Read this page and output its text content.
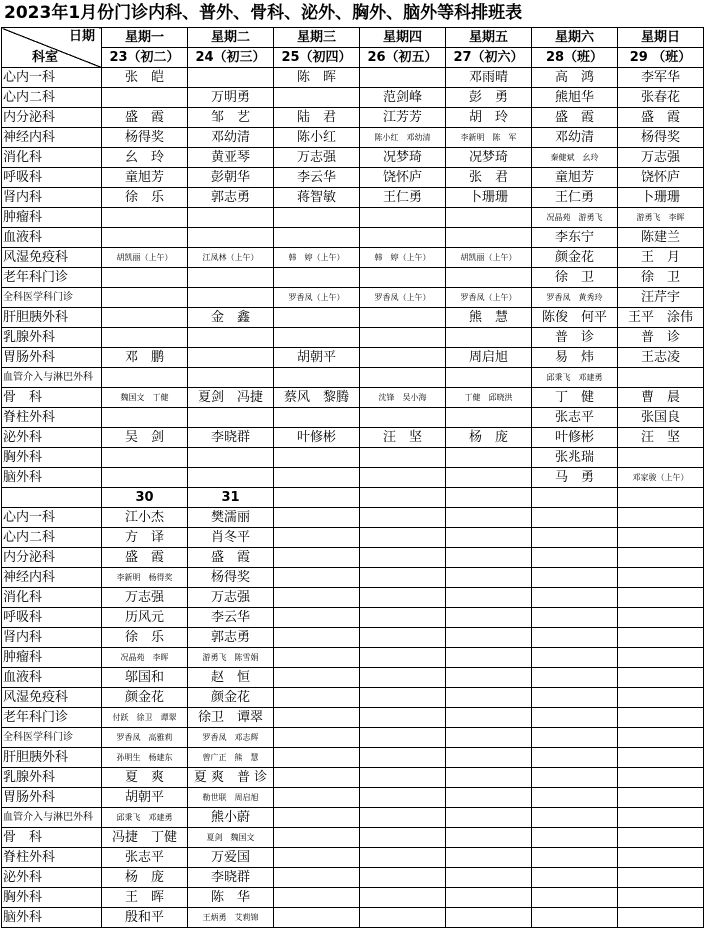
2023年1月份门诊内科、普外、骨科、泌外、胸外、脑外等科排班表
日期
科室	星期一	星期二	星期三	星期四	星期五	星期六	星期日
	23（初二）	24（初三）	25（初四）	26（初五）	27（初六）	28（班）	29 （班）
心内一科	张　皑		陈　晖		邓雨晴	高　鸿	李军华
心内二科		万明勇		范剑峰	彭　勇	熊旭华	张春花
内分泌科	盛　霞	邹　艺	陆　君	江芳芳	胡　玲	盛　霞	盛　霞
神经内科	杨得奖	邓幼清	陈小红	陈小红　邓幼清	李新明　陈　军	邓幼清	杨得奖
消化科	幺　玲	黄亚琴	万志强	况梦琦	况梦琦	秦健斌　幺玲	万志强
呼吸科	童旭芳	彭朝华	李云华	饶怀庐	张　君	童旭芳	饶怀庐
肾内科	徐　乐	郭志勇	蒋智敏	王仁勇	卜珊珊	王仁勇	卜珊珊
肿瘤科						况晶苑　游勇飞	游勇飞　李晖
血液科						李东宁	陈建兰
风湿免疫科	胡凯丽（上午）	江凤林（上午）	韩　婷（上午）	韩　婷（上午）	胡凯丽（上午）	颜金花	王　月
老年科门诊						徐　卫	徐　卫
全科医学科门诊			罗香凤（上午）	罗香凤（上午）	罗香凤（上午）	罗香凤　黄秀玲	汪芹宇
肝胆胰外科		金　鑫			熊　慧	陈俊　何平	王平　涂伟
乳腺外科						普　诊	普　诊
胃肠外科	邓　鹏		胡朝平		周启旭	易　炜	王志凌
血管介入与淋巴外科						邱秉飞　邓建勇	
骨　科	魏国文　丁健	夏剑　冯捷	蔡风　黎腾	沈锋　吴小海	丁健　邱晓洪	丁　健	曹　晨
脊柱外科						张志平	张国良
泌外科	吴　剑	李晓群	叶修彬	汪　坚	杨　庞	叶修彬	汪　坚
胸外科						张兆瑞	
脑外科						马　勇	邓家骏（上午）
	30	31					
心内一科	江小杰	樊濡丽					
心内二科	方　译	肖冬平					
内分泌科	盛　霞	盛　霞					
神经内科	李新明　杨得奖	杨得奖					
消化科	万志强	万志强					
呼吸科	历风元	李云华					
肾内科	徐　乐	郭志勇					
肿瘤科	况晶苑　李晖	游勇飞　陈雪娟					
血液科	邬国和	赵　恒					
风湿免疫科	颜金花	颜金花					
老年科门诊	付跃　徐卫　谭翠	徐卫　谭翠					
全科医学科门诊	罗香凤　高雅莉	罗香凤　邓志辉					
肝胆胰外科	孙明生　杨建东	曾广正　熊　慧					
乳腺外科	夏　爽	夏 爽　普 诊					
胃肠外科	胡朝平	勒世联　周启旭					
血管介入与淋巴外科	邱秉飞　邓建勇	熊小蔚					
骨　科	冯捷　丁健	夏剑　魏国文					
脊柱外科	张志平	万爱国					
泌外科	杨　庞	李晓群					
胸外科	王　晖	陈　华					
脑外科	殷和平	王炳勇　艾莉锦					
